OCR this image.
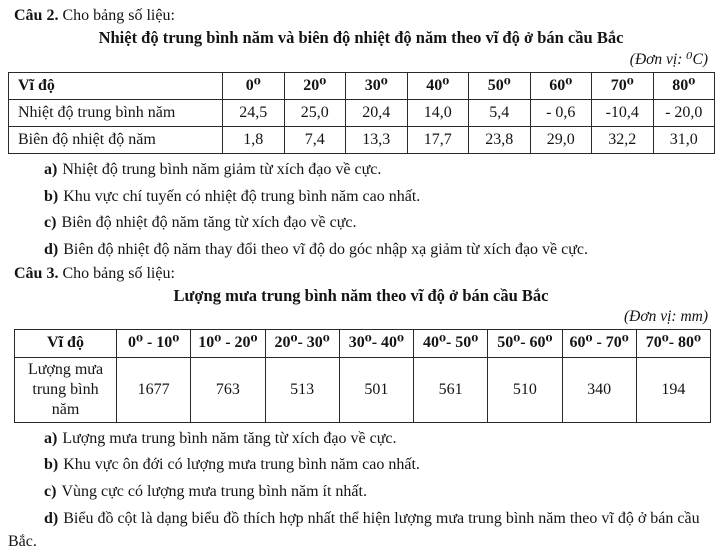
Câu 2. Cho bảng số liệu:

Nhiệt độ trung bình năm và biên độ nhiệt độ năm theo vĩ độ ở bán cầu Bắc

(Đơn vị: ⁰C)

Vĩ độ	0⁰	20⁰	30⁰	40⁰	50⁰	60⁰	70⁰	80⁰
Nhiệt độ trung bình năm	24,5	25,0	20,4	14,0	5,4	- 0,6	-10,4	- 20,0
Biên độ nhiệt độ năm	1,8	7,4	13,3	17,7	23,8	29,0	32,2	31,0

a) Nhiệt độ trung bình năm giảm từ xích đạo về cực.

b) Khu vực chí tuyến có nhiệt độ trung bình năm cao nhất.

c) Biên độ nhiệt độ năm tăng từ xích đạo về cực.

d) Biên độ nhiệt độ năm thay đổi theo vĩ độ do góc nhập xạ giảm từ xích đạo về cực.

Câu 3. Cho bảng số liệu:

Lượng mưa trung bình năm theo vĩ độ ở bán cầu Bắc

(Đơn vị: mm)

Vĩ độ	0⁰ - 10⁰	10⁰ - 20⁰	20⁰- 30⁰	30⁰- 40⁰	40⁰- 50⁰	50⁰- 60⁰	60⁰ - 70⁰	70⁰- 80⁰
Lượng mưa trung bình năm	1677	763	513	501	561	510	340	194

a) Lượng mưa trung bình năm tăng từ xích đạo về cực.

b) Khu vực ôn đới có lượng mưa trung bình năm cao nhất.

c) Vùng cực có lượng mưa trung bình năm ít nhất.

d) Biểu đồ cột là dạng biểu đồ thích hợp nhất thể hiện lượng mưa trung bình năm theo vĩ độ ở bán cầu Bắc.
